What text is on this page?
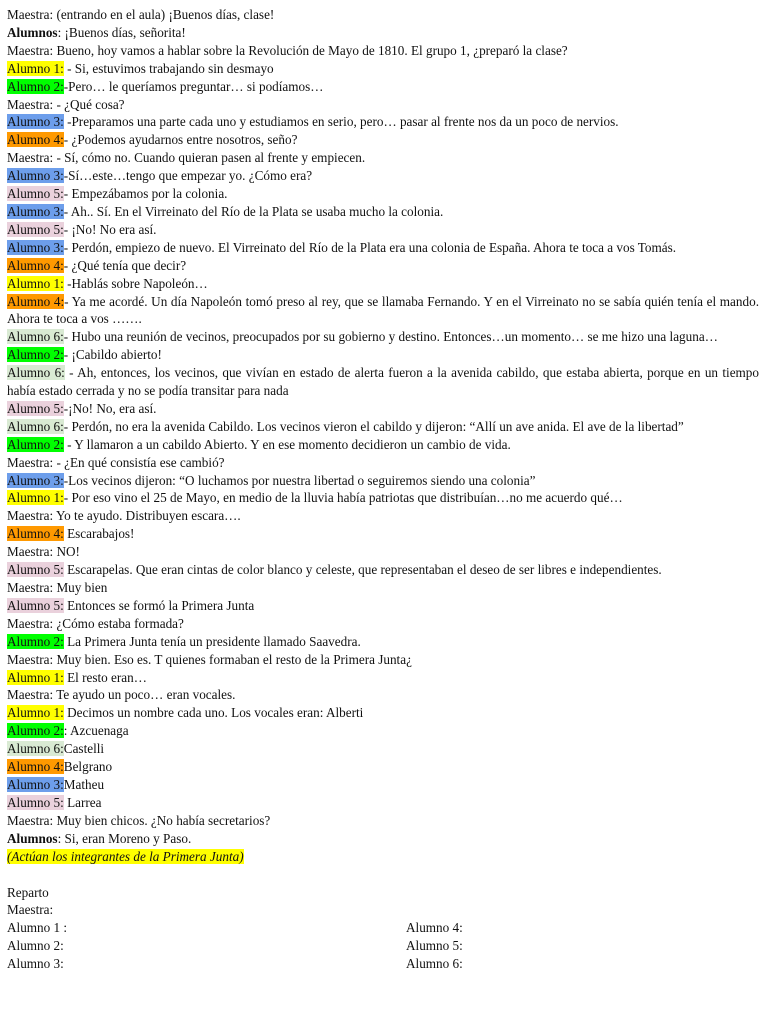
Maestra: (entrando en el aula) ¡Buenos días, clase!
Alumnos: ¡Buenos días, señorita!
Maestra: Bueno, hoy vamos a hablar sobre la Revolución de Mayo de 1810. El grupo 1, ¿preparó la clase?
Alumno 1: - Si, estuvimos trabajando sin desmayo
Alumno 2:-Pero… le queríamos preguntar… si podíamos…
Maestra: - ¿Qué cosa?
Alumno 3: -Preparamos una parte cada uno y estudiamos en serio, pero… pasar al frente nos da un poco de nervios.
Alumno 4:- ¿Podemos ayudarnos entre nosotros, seño?
Maestra: - Sí, cómo no. Cuando quieran pasen al frente y empiecen.
Alumno 3:-Sí…este…tengo que empezar yo. ¿Cómo era?
Alumno 5:- Empezábamos por la colonia.
Alumno 3:- Ah.. Sí. En el Virreinato del Río de la Plata se usaba mucho la colonia.
Alumno 5:- ¡No! No era así.
Alumno 3:- Perdón, empiezo de nuevo. El Virreinato del Río de la Plata era una colonia de España. Ahora te toca a vos Tomás.
Alumno 4:- ¿Qué tenía que decir?
Alumno 1: -Hablás sobre Napoleón…
Alumno 4:- Ya me acordé. Un día Napoleón tomó preso al rey, que se llamaba Fernando. Y en el Virreinato no se sabía quién tenía el mando. Ahora te toca a vos …….
Alumno 6:- Hubo una reunión de vecinos, preocupados por su gobierno y destino. Entonces…un momento… se me hizo una laguna…
Alumno 2:- ¡Cabildo abierto!
Alumno 6: - Ah, entonces, los vecinos, que vivían en estado de alerta fueron a la avenida cabildo, que estaba abierta, porque en un tiempo había estado cerrada y no se podía transitar para nada
Alumno 5:-¡No! No, era así.
Alumno 6:- Perdón, no era la avenida Cabildo. Los vecinos vieron el cabildo y dijeron: “Allí un ave anida. El ave de la libertad”
Alumno 2: - Y llamaron a un cabildo Abierto. Y en ese momento decidieron un cambio de vida.
Maestra: - ¿En qué consistía ese cambió?
Alumno 3:-Los vecinos dijeron: “O luchamos por nuestra libertad o seguiremos siendo una colonia”
Alumno 1:- Por eso vino el 25 de Mayo, en medio de la lluvia había patriotas que distribuían…no me acuerdo qué…
Maestra: Yo te ayudo. Distribuyen escara….
Alumno 4: Escarabajos!
Maestra: NO!
Alumno 5: Escarapelas. Que eran cintas de color blanco y celeste, que representaban el deseo de ser libres e independientes.
Maestra: Muy bien
Alumno 5: Entonces se formó la Primera Junta
Maestra: ¿Cómo estaba formada?
Alumno 2: La Primera Junta tenía un presidente llamado Saavedra.
Maestra: Muy bien. Eso es. T quienes formaban el resto de la Primera Junta¿
Alumno 1: El resto eran…
Maestra: Te ayudo un poco… eran vocales.
Alumno 1: Decimos un nombre cada uno. Los vocales eran: Alberti
Alumno 2:: Azcuenaga
Alumno 6:Castelli
Alumno 4:Belgrano
Alumno 3:Matheu
Alumno 5: Larrea
Maestra: Muy bien chicos. ¿No había secretarios?
Alumnos: Si, eran Moreno y Paso.
(Actúan los integrantes de la Primera Junta)
Reparto
Maestra:
Alumno 1 :	Alumno 4:
Alumno 2:	Alumno 5:
Alumno 3:	Alumno 6:
